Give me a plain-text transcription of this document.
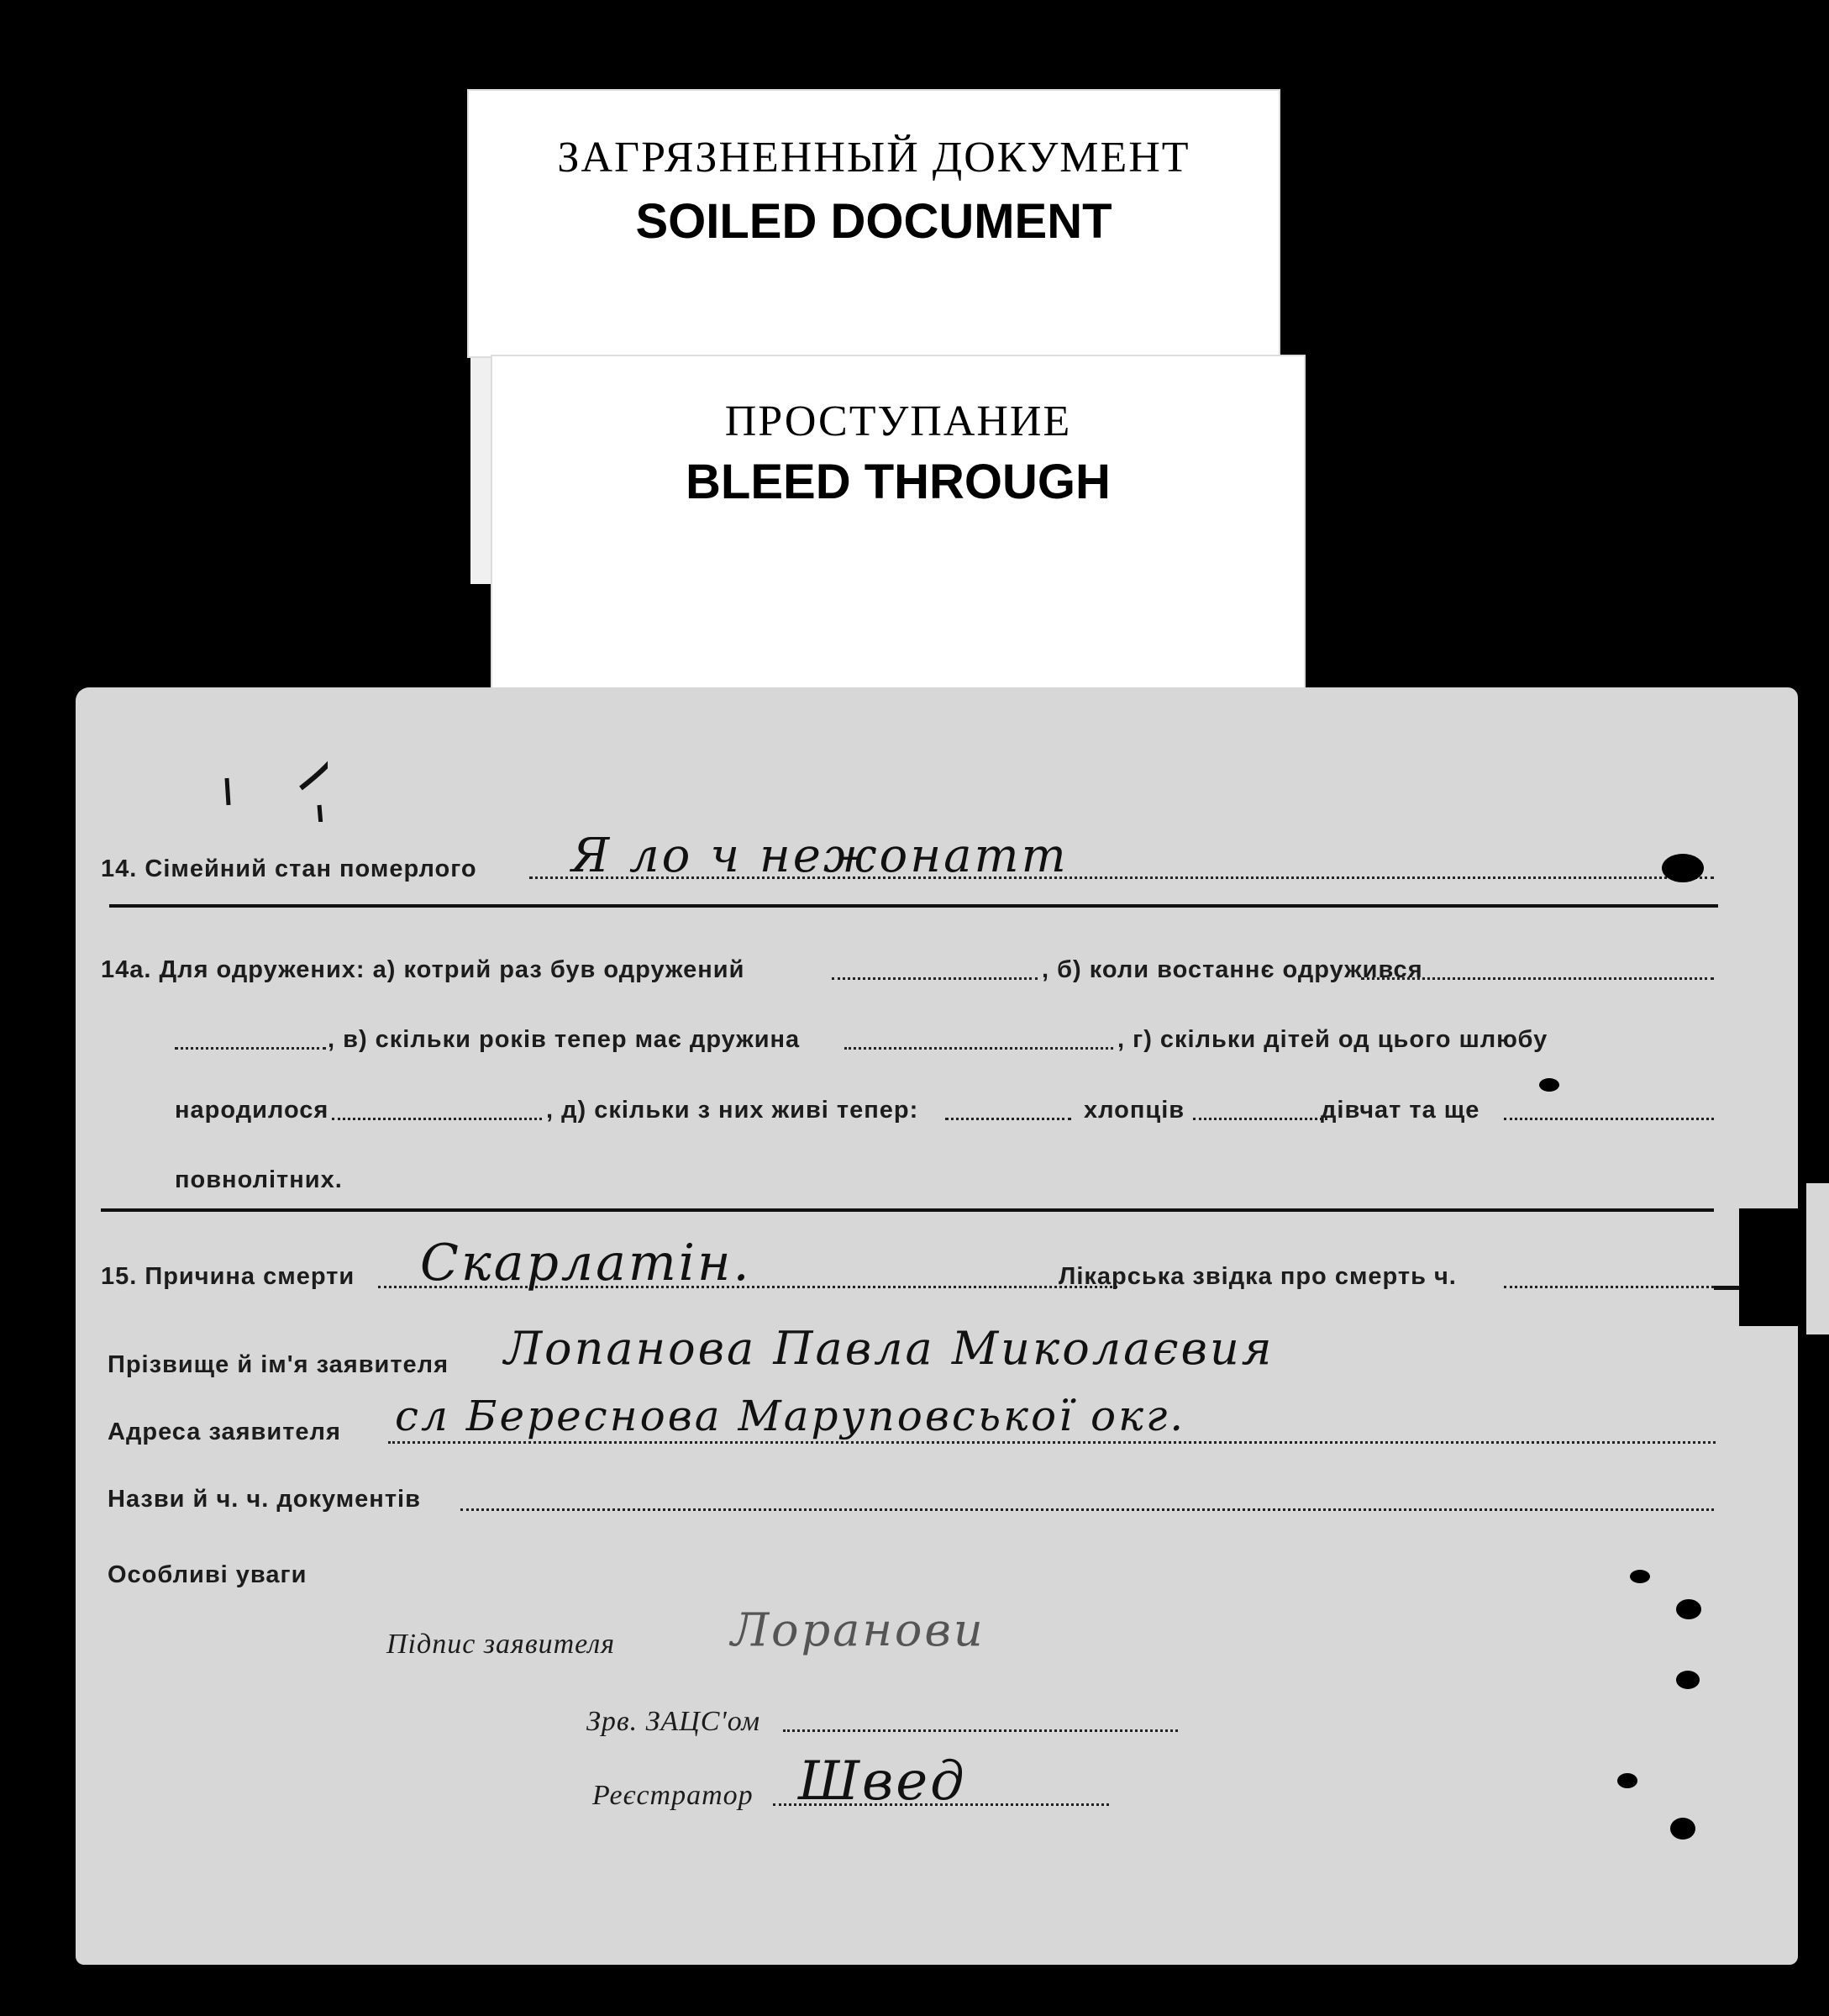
ЗАГРЯЗНЕННЫЙ ДОКУМЕНТ
SOILED DOCUMENT
ПРОСТУПАНИЕ
BLEED THROUGH
14. Сімейний стан померлого Я ло ч нежонатт
14a. Для одружених: а) котрий раз був одружений	, б) коли востаннє одружився
, в) скільки років тепер має дружина	, г) скільки дітей од цього шлюбу
народилося	, д) скільки з них живі тепер:	хлопців	дівчат та ще
повнолітних.
15. Причина смерти Скарлатін.	Лікарська звідка про смерть ч.
Прізвище й ім'я заявителя Лопанова Павла Миколаєвия
Адреса заявителя сл Береснова Маруповської окг.
Назви й ч. ч. документів
Особливі уваги
Підпис заявителя	Лоранови
Зрв. ЗАЦС'ом
Реєстратор Швед
